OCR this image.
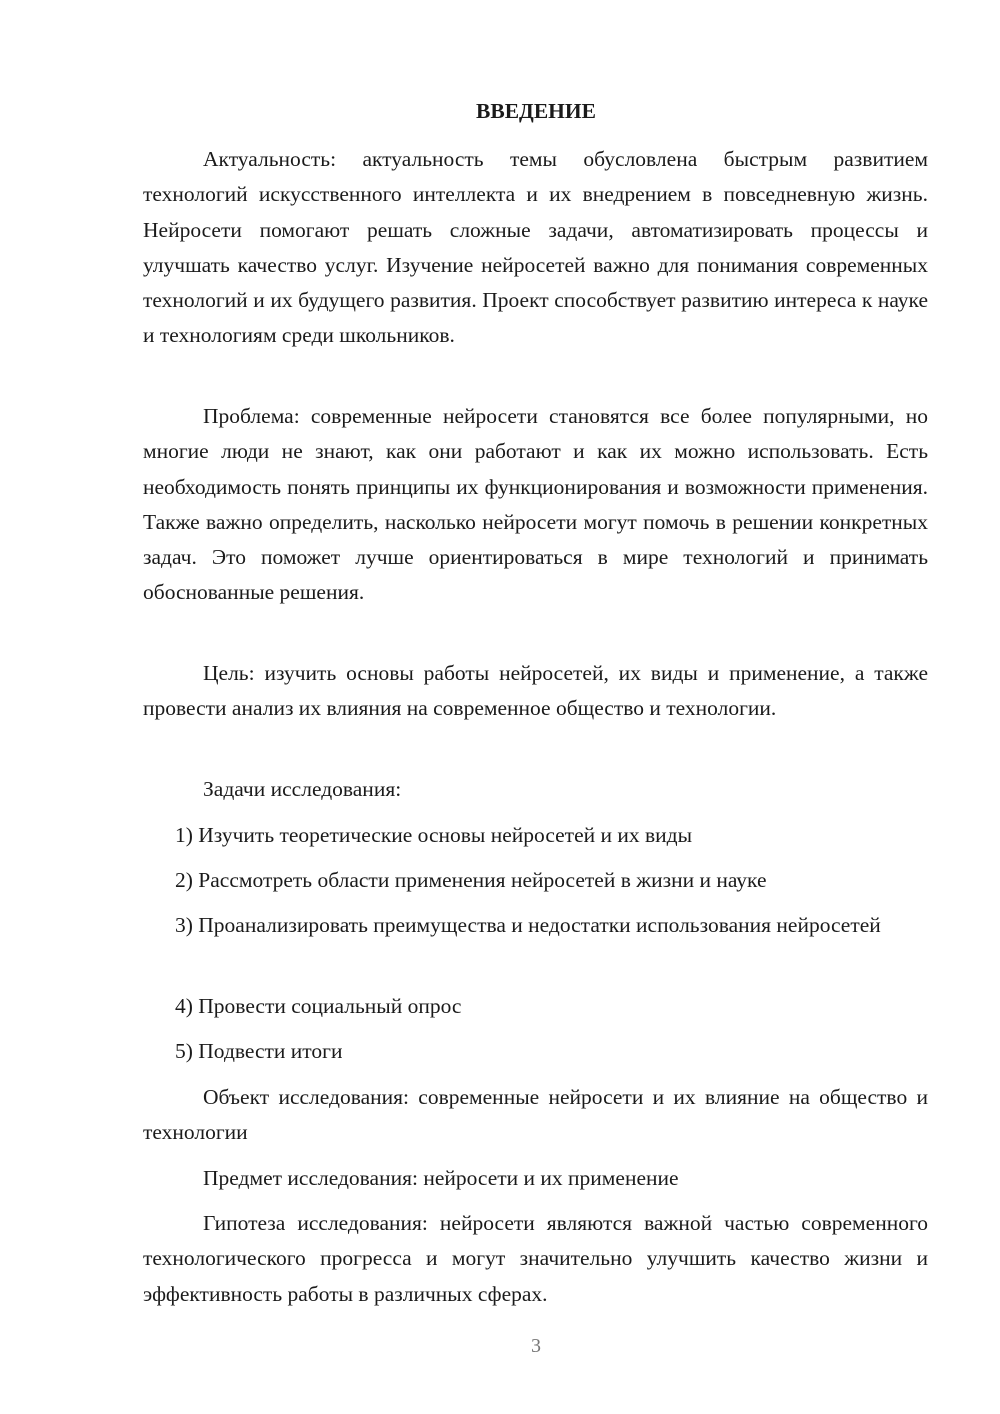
ВВЕДЕНИЕ

Актуальность: актуальность темы обусловлена быстрым развитием технологий искусственного интеллекта и их внедрением в повседневную жизнь. Нейросети помогают решать сложные задачи, автоматизировать процессы и улучшать качество услуг. Изучение нейросетей важно для понимания современных технологий и их будущего развития. Проект способствует развитию интереса к науке и технологиям среди школьников.

Проблема: современные нейросети становятся все более популярными, но многие люди не знают, как они работают и как их можно использовать. Есть необходимость понять принципы их функционирования и возможности применения. Также важно определить, насколько нейросети могут помочь в решении конкретных задач. Это поможет лучше ориентироваться в мире технологий и принимать обоснованные решения.

Цель: изучить основы работы нейросетей, их виды и применение, а также провести анализ их влияния на современное общество и технологии.

Задачи исследования:

1) Изучить теоретические основы нейросетей и их виды

2) Рассмотреть области применения нейросетей в жизни и науке

3) Проанализировать преимущества и недостатки использования нейросетей

4) Провести социальный опрос

5) Подвести итоги

Объект исследования: современные нейросети и их влияние на общество и технологии

Предмет исследования: нейросети и их применение

Гипотеза исследования: нейросети являются важной частью современного технологического прогресса и могут значительно улучшить качество жизни и эффективность работы в различных сферах.

3
